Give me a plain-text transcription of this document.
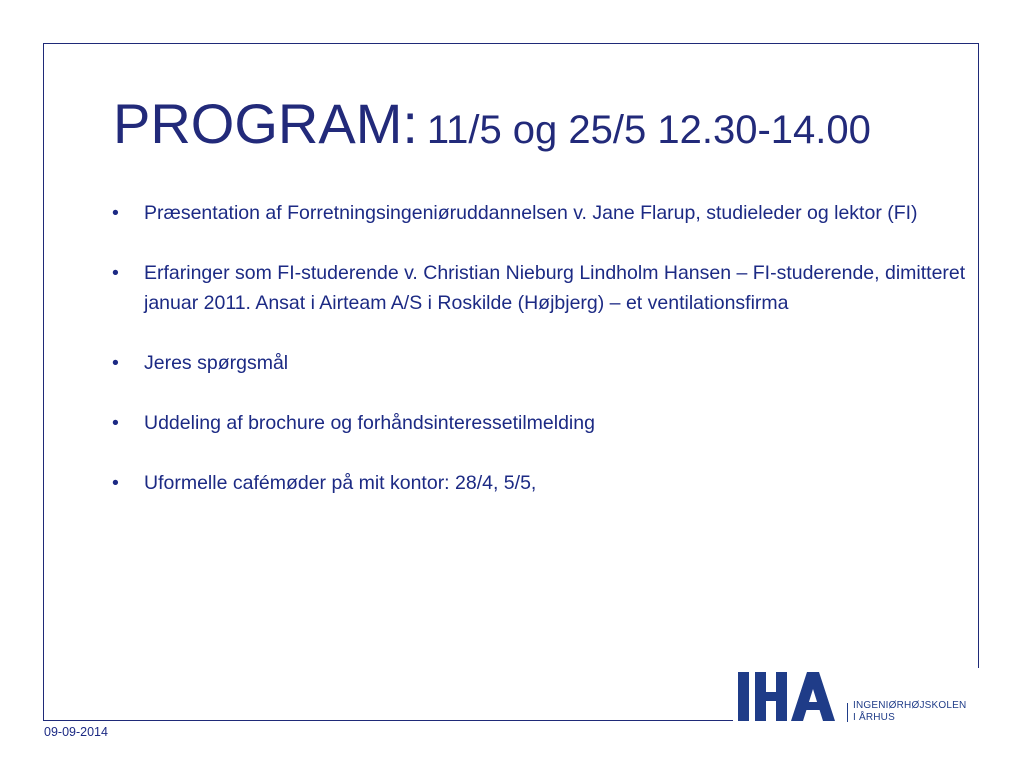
PROGRAM: 11/5 og 25/5 12.30-14.00
• Præsentation af Forretningsingeniøruddannelsen v. Jane Flarup, studieleder og lektor (FI)
• Erfaringer som FI-studerende v. Christian Nieburg Lindholm Hansen – FI-studerende, dimitteret januar 2011. Ansat i Airteam A/S i Roskilde (Højbjerg) – et ventilationsfirma
• Jeres spørgsmål
• Uddeling af brochure og forhåndsinteressetilmelding
• Uformelle cafémøder på mit kontor: 28/4, 5/5,
09-09-2014
INGENIØRHØJSKOLEN
I ÅRHUS
